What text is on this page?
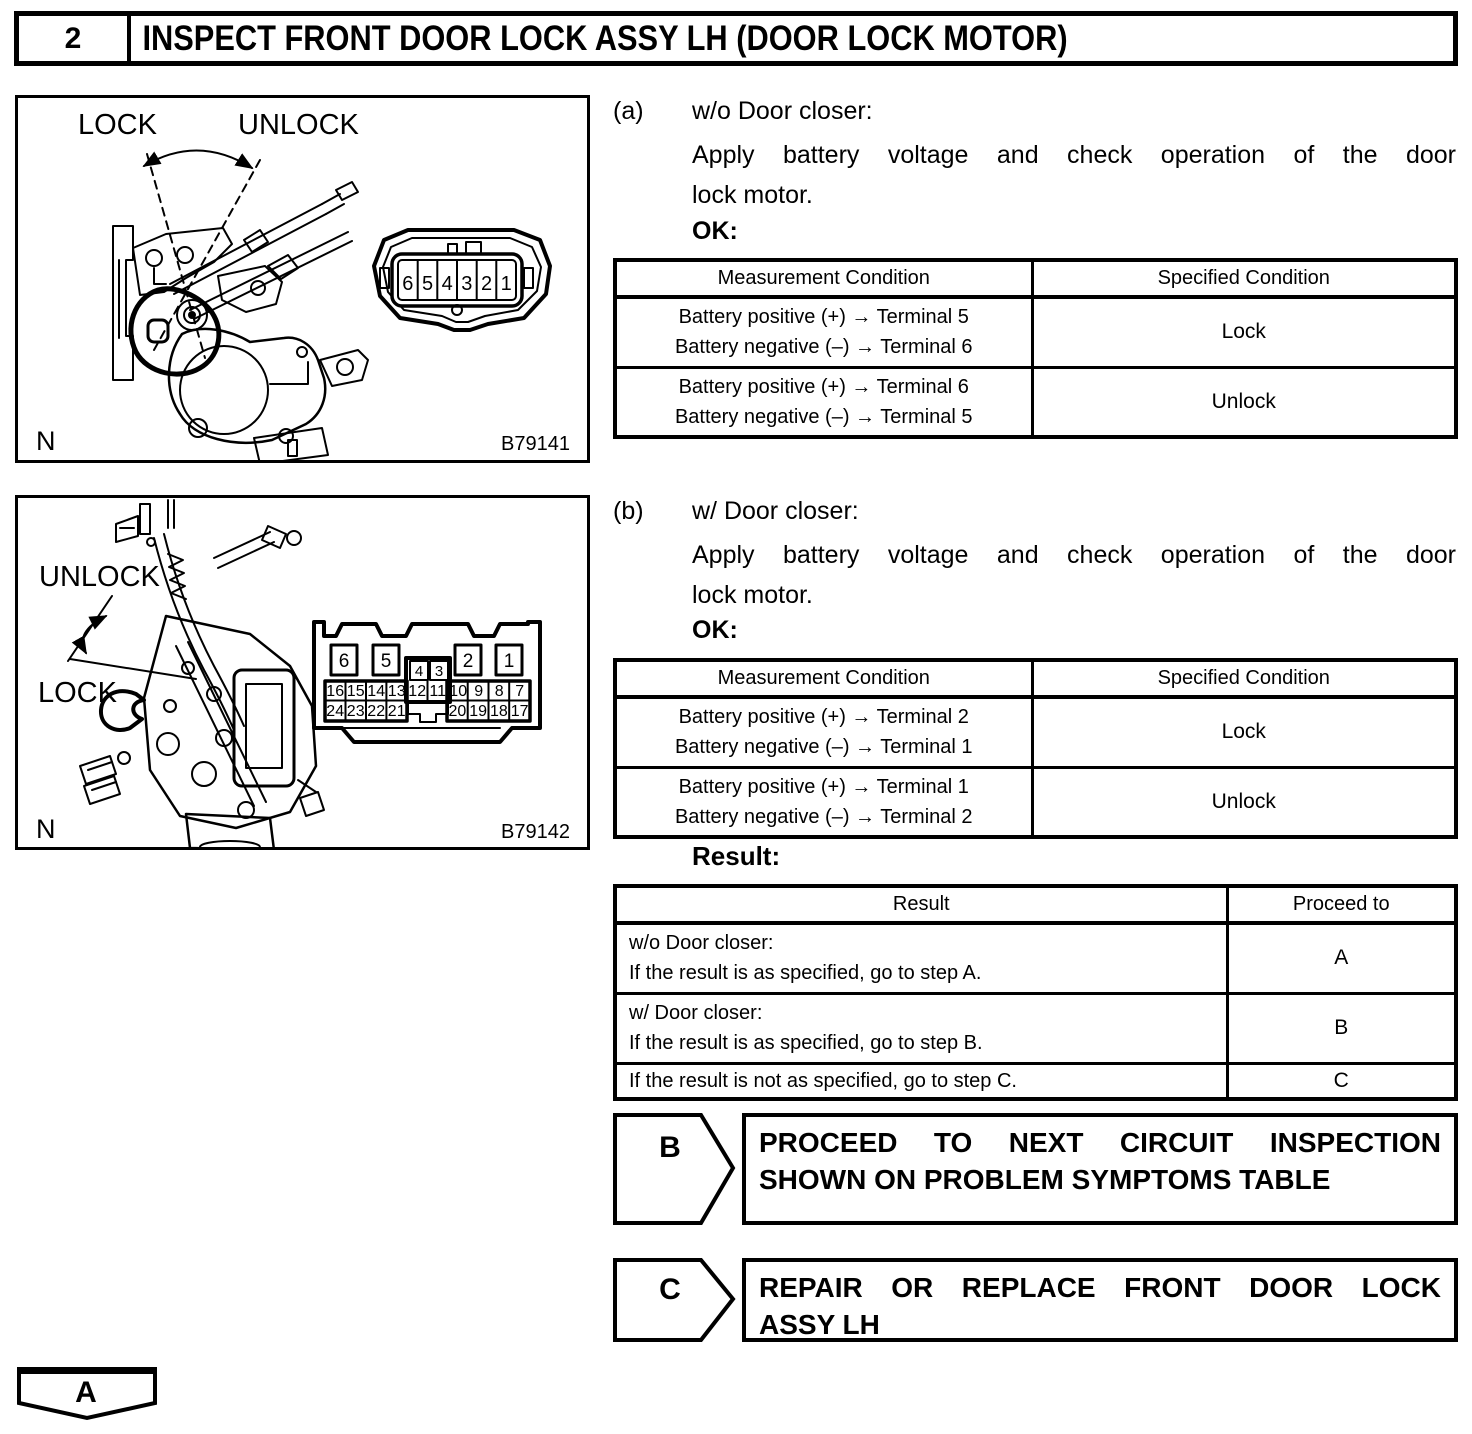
2	INSPECT FRONT DOOR LOCK ASSY LH (DOOR LOCK MOTOR)
LOCK	UNLOCK
6 5 4 3 2 1
N	B79141
UNLOCK
LOCK
6 5	2 1
4 3
16 15 14 13 12 11 10 9 8 7
24 23 22 21	20 19 18 17
N	B79142
(a) w/o Door closer:
Apply battery voltage and check operation of the door
lock motor.
OK:
Measurement Condition	Specified Condition

Battery positive (+) → Terminal 5
Battery negative (–) → Terminal 6	Lock

Battery positive (+) → Terminal 6
Battery negative (–) → Terminal 5	Unlock
(b) w/ Door closer:
Apply battery voltage and check operation of the door
lock motor.
OK:
Measurement Condition	Specified Condition

Battery positive (+) → Terminal 2
Battery negative (–) → Terminal 1	Lock

Battery positive (+) → Terminal 1
Battery negative (–) → Terminal 2	Unlock
Result:
Result	Proceed to

w/o Door closer:
If the result is as specified, go to step A.	A

w/ Door closer:
If the result is as specified, go to step B.	B

If the result is not as specified, go to step C.	C
B	PROCEED TO NEXT CIRCUIT INSPECTION
SHOWN ON PROBLEM SYMPTOMS TABLE
C	REPAIR OR REPLACE FRONT DOOR LOCK
ASSY LH
A
